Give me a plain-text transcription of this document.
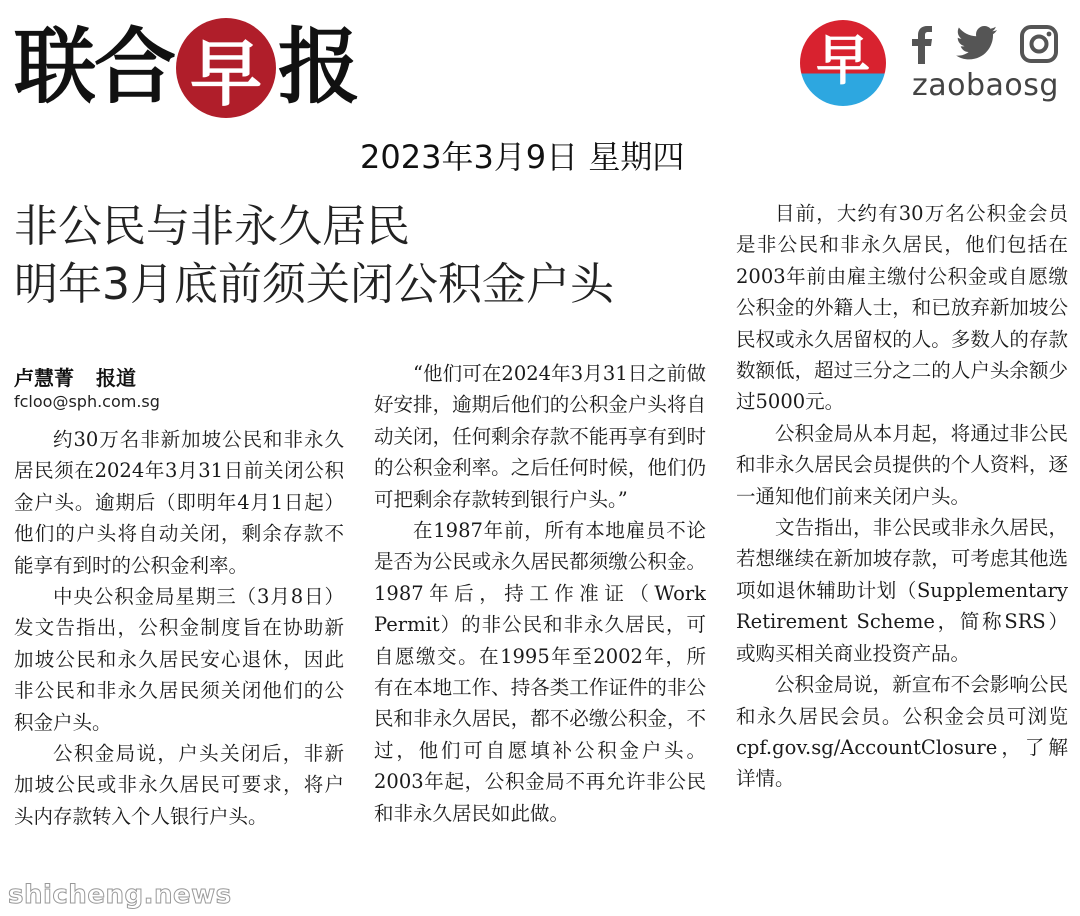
联 合 早 报	早 zaobaosg
2023年3月9日 星期四
非公民与非永久居民
明年3月底前须关闭公积金户头
卢慧菁 报道
fcloo@sph.com.sg

约30万名非新加坡公民和非永久居民须在2024年3月31日前关闭公积金户头。逾期后（即明年4月1日起）他们的户头将自动关闭，剩余存款不能享有到时的公积金利率。

中央公积金局星期三（3月8日）发文告指出，公积金制度旨在协助新加坡公民和永久居民安心退休，因此非公民和非永久居民须关闭他们的公积金户头。

公积金局说，户头关闭后，非新加坡公民或非永久居民可要求，将户头内存款转入个人银行户头。

“他们可在2024年3月31日之前做好安排，逾期后他们的公积金户头将自动关闭，任何剩余存款不能再享有到时的公积金利率。之后任何时候，他们仍可把剩余存款转到银行户头。”

在1987年前，所有本地雇员不论是否为公民或永久居民都须缴公积金。1987年后，持工作准证（Work Permit）的非公民和非永久居民，可自愿缴交。在1995年至2002年，所有在本地工作、持各类工作证件的非公民和非永久居民，都不必缴公积金，不过，他们可自愿填补公积金户头。2003年起，公积金局不再允许非公民和非永久居民如此做。

目前，大约有30万名公积金会员是非公民和非永久居民，他们包括在2003年前由雇主缴付公积金或自愿缴公积金的外籍人士，和已放弃新加坡公民权或永久居留权的人。多数人的存款数额低，超过三分之二的人户头余额少过5000元。

公积金局从本月起，将通过非公民和非永久居民会员提供的个人资料，逐一通知他们前来关闭户头。

文告指出，非公民或非永久居民，若想继续在新加坡存款，可考虑其他选项如退休辅助计划（Supplementary Retirement Scheme，简称SRS）或购买相关商业投资产品。

公积金局说，新宣布不会影响公民和永久居民会员。公积金会员可浏览cpf.gov.sg/AccountClosure，了解详情。

shicheng.news
